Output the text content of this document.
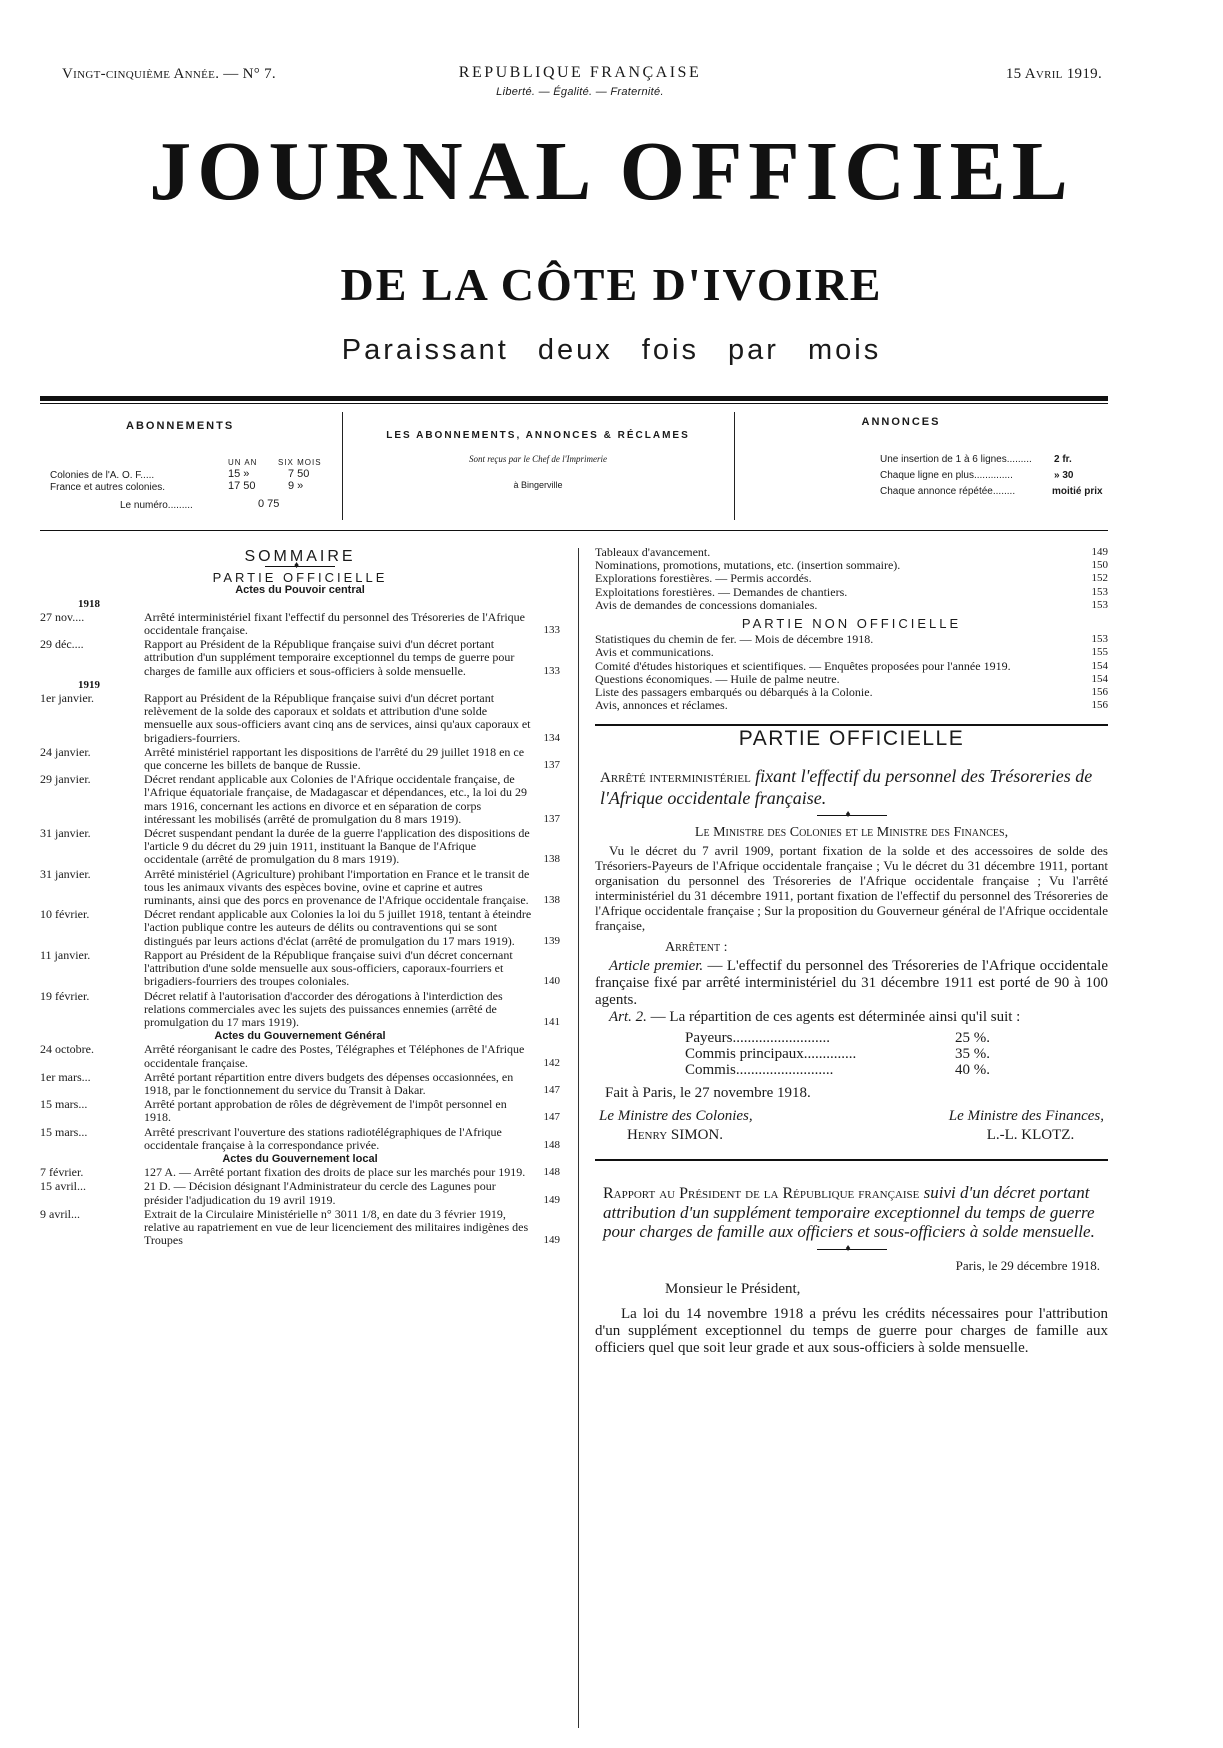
Vingt-cinquième Année. — N° 7.	REPUBLIQUE FRANÇAISE
Liberté. — Égalité. — Fraternité.
15 Avril 1919.
JOURNAL OFFICIEL
DE LA CÔTE D'IVOIRE
Paraissant deux fois par mois
ABONNEMENTS
UN AN	SIX MOIS
Colonies de l'A. O. F.....	15 »	7 50
France et autres colonies.	17 50	9 »
Le numéro.........	0 75
LES ABONNEMENTS, ANNONCES & RÉCLAMES
Sont reçus par le Chef de l'Imprimerie
à Bingerville
ANNONCES
Une insertion de 1 à 6 lignes......... 2 fr.
Chaque ligne en plus..............	» 30
Chaque annonce répétée........	moitié prix
SOMMAIRE
♦
PARTIE OFFICIELLE
Actes du Pouvoir central
1918
27 nov....	Arrêté interministériel fixant l'effectif du personnel des Trésoreries de l'Afrique occidentale française.	133
29 déc....	Rapport au Président de la République française suivi d'un décret portant attribution d'un supplément temporaire exceptionnel du temps de guerre pour charges de famille aux officiers et sous-officiers à solde mensuelle.	133
1919
1er janvier.	Rapport au Président de la République française suivi d'un décret portant relèvement de la solde des caporaux et soldats et attribution d'une solde mensuelle aux sous-officiers avant cinq ans de services, ainsi qu'aux caporaux et brigadiers-fourriers.	134
24 janvier.	Arrêté ministériel rapportant les dispositions de l'arrêté du 29 juillet 1918 en ce que concerne les billets de banque de Russie.	137
29 janvier.	Décret rendant applicable aux Colonies de l'Afrique occidentale française, de l'Afrique équatoriale française, de Madagascar et dépendances, etc., la loi du 29 mars 1916, concernant les actions en divorce et en séparation de corps intéressant les mobilisés (arrêté de promulgation du 8 mars 1919).	137
31 janvier.	Décret suspendant pendant la durée de la guerre l'application des dispositions de l'article 9 du décret du 29 juin 1911, instituant la Banque de l'Afrique occidentale (arrêté de promulgation du 8 mars 1919).	138
31 janvier.	Arrêté ministériel (Agriculture) prohibant l'importation en France et le transit de tous les animaux vivants des espèces bovine, ovine et caprine et autres ruminants, ainsi que des porcs en provenance de l'Afrique occidentale française.	138
10 février.	Décret rendant applicable aux Colonies la loi du 5 juillet 1918, tentant à éteindre l'action publique contre les auteurs de délits ou contraventions qui se sont distingués par leurs actions d'éclat (arrêté de promulgation du 17 mars 1919).	139
11 janvier.	Rapport au Président de la République française suivi d'un décret concernant l'attribution d'une solde mensuelle aux sous-officiers, caporaux-fourriers et brigadiers-fourriers des troupes coloniales.	140
19 février.	Décret relatif à l'autorisation d'accorder des dérogations à l'interdiction des relations commerciales avec les sujets des puissances ennemies (arrêté de promulgation du 17 mars 1919).	141
Actes du Gouvernement Général
24 octobre.	Arrêté réorganisant le cadre des Postes, Télégraphes et Téléphones de l'Afrique occidentale française.	142
1er mars...	Arrêté portant répartition entre divers budgets des dépenses occasionnées, en 1918, par le fonctionnement du service du Transit à Dakar.	147
15 mars...	Arrêté portant approbation de rôles de dégrèvement de l'impôt personnel en 1918.	147
15 mars...	Arrêté prescrivant l'ouverture des stations radiotélégraphiques de l'Afrique occidentale française à la correspondance privée.	148
Actes du Gouvernement local
7 février.	127 A. — Arrêté portant fixation des droits de place sur les marchés pour 1919.	148
15 avril...	21 D. — Décision désignant l'Administrateur du cercle des Lagunes pour présider l'adjudication du 19 avril 1919.	149
9 avril...	Extrait de la Circulaire Ministérielle n° 3011 1/8, en date du 3 février 1919, relative au rapatriement en vue de leur licenciement des militaires indigènes des Troupes	149
Tableaux d'avancement.	149
Nominations, promotions, mutations, etc. (insertion sommaire).	150
Explorations forestières. — Permis accordés.	152
Exploitations forestières. — Demandes de chantiers.	153
Avis de demandes de concessions domaniales.	153
PARTIE NON OFFICIELLE
Statistiques du chemin de fer. — Mois de décembre 1918.	153
Avis et communications.	155
Comité d'études historiques et scientifiques. — Enquêtes proposées pour l'année 1919.	154
Questions économiques. — Huile de palme neutre.	154
Liste des passagers embarqués ou débarqués à la Colonie.	156
Avis, annonces et réclames.	156
PARTIE OFFICIELLE
Arrêté interministériel fixant l'effectif du personnel des Trésoreries de l'Afrique occidentale française.
♦
Le Ministre des Colonies et le Ministre des Finances,
Vu le décret du 7 avril 1909, portant fixation de la solde et des accessoires de solde des Trésoriers-Payeurs de l'Afrique occidentale française ; Vu le décret du 31 décembre 1911, portant organisation du personnel des Trésoreries de l'Afrique occidentale française ; Vu l'arrêté interministériel du 31 décembre 1911, portant fixation de l'effectif du personnel des Trésoreries de l'Afrique occidentale française ; Sur la proposition du Gouverneur général de l'Afrique occidentale française,
Arrêtent :
Article premier. — L'effectif du personnel des Trésoreries de l'Afrique occidentale française fixé par arrêté interministériel du 31 décembre 1911 est porté de 90 à 100 agents.
Art. 2. — La répartition de ces agents est déterminée ainsi qu'il suit :
Payeurs..........................	25 %.
Commis principaux..............	35 %.
Commis..........................	40 %.
Fait à Paris, le 27 novembre 1918.
Le Ministre des Colonies,
Henry SIMON.
Le Ministre des Finances,
L.-L. KLOTZ.
Rapport au Président de la République française suivi d'un décret portant attribution d'un supplément temporaire exceptionnel du temps de guerre pour charges de famille aux officiers et sous-officiers à solde mensuelle.
♦
Paris, le 29 décembre 1918.
Monsieur le Président,
La loi du 14 novembre 1918 a prévu les crédits nécessaires pour l'attribution d'un supplément exceptionnel du temps de guerre pour charges de famille aux officiers quel que soit leur grade et aux sous-officiers à solde mensuelle.
